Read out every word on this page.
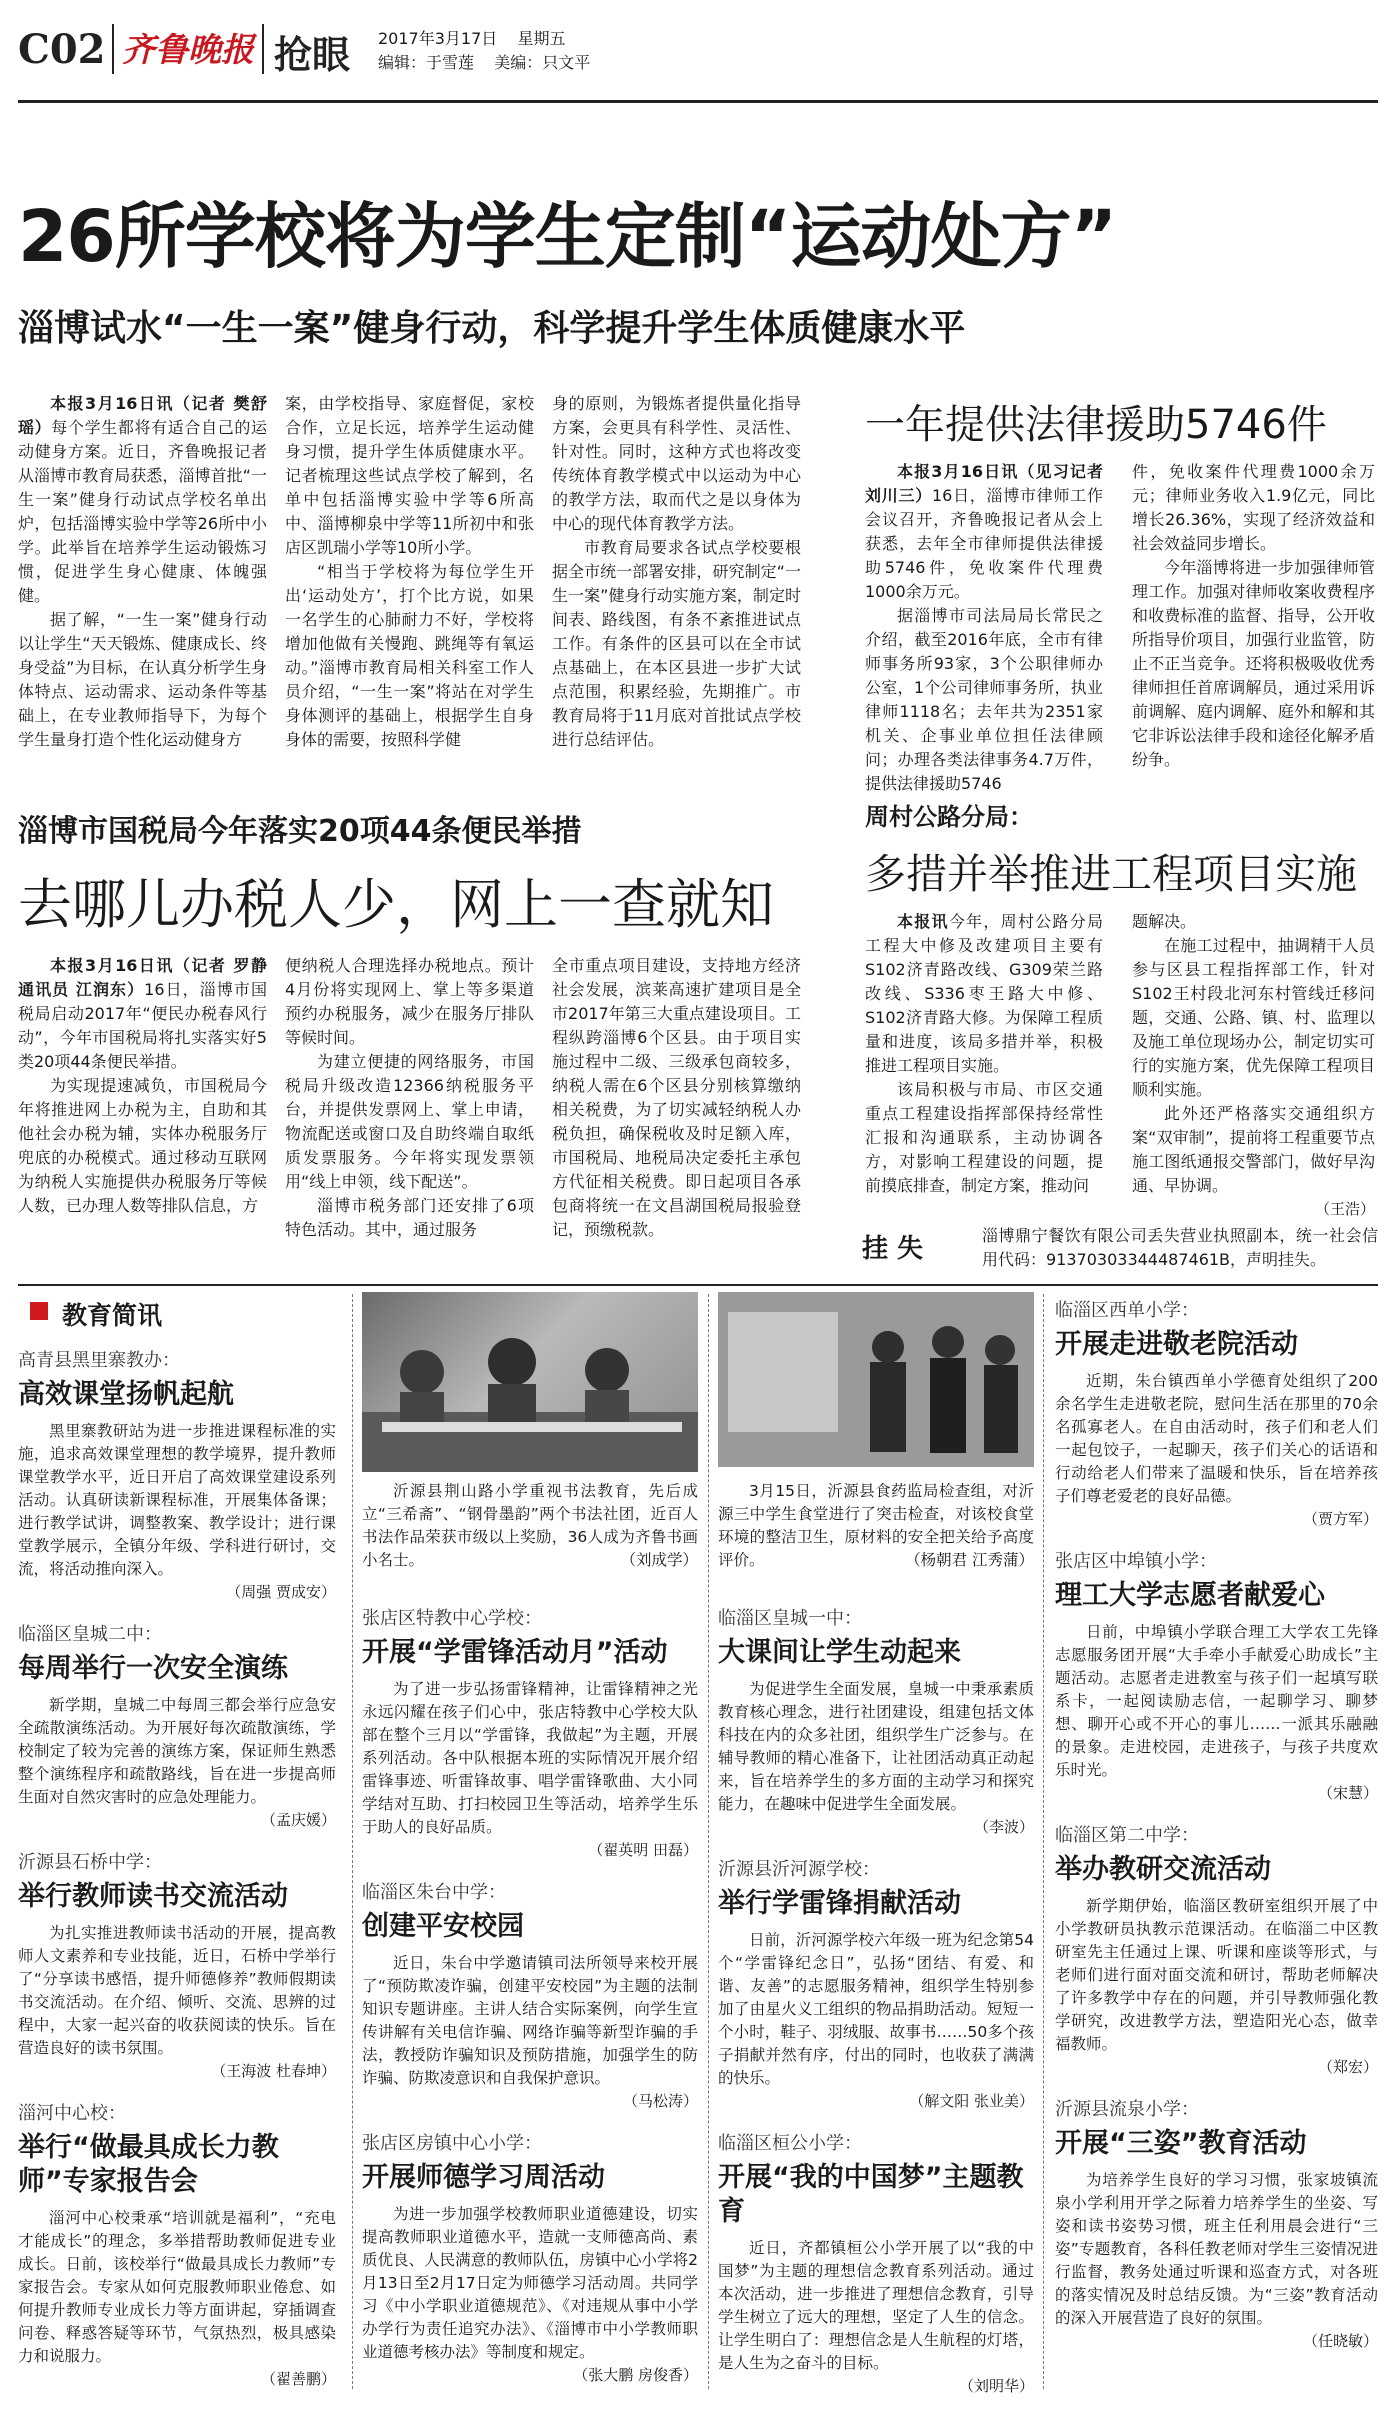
C02 齐鲁晚报 抢眼 2017年3月17日 星期五
编辑：于雪莲 美编：只文平
26所学校将为学生定制“运动处方”
淄博试水“一生一案”健身行动，科学提升学生体质健康水平

本报3月16日讯（记者 樊舒瑶）每个学生都将有适合自己的运动健身方案。近日，齐鲁晚报记者从淄博市教育局获悉，淄博首批“一生一案”健身行动试点学校名单出炉，包括淄博实验中学等26所中小学。此举旨在培养学生运动锻炼习惯，促进学生身心健康、体魄强健。

据了解，“一生一案”健身行动以让学生“天天锻炼、健康成长、终身受益”为目标，在认真分析学生身体特点、运动需求、运动条件等基础上，在专业教师指导下，为每个学生量身打造个性化运动健身方

案，由学校指导、家庭督促，家校合作，立足长远，培养学生运动健身习惯，提升学生体质健康水平。记者梳理这些试点学校了解到，名单中包括淄博实验中学等6所高中、淄博柳泉中学等11所初中和张店区凯瑞小学等10所小学。

“相当于学校将为每位学生开出‘运动处方’，打个比方说，如果一名学生的心肺耐力不好，学校将增加他做有关慢跑、跳绳等有氧运动。”淄博市教育局相关科室工作人员介绍，“一生一案”将站在对学生身体测评的基础上，根据学生自身身体的需要，按照科学健

身的原则，为锻炼者提供量化指导方案，会更具有科学性、灵活性、针对性。同时，这种方式也将改变传统体育教学模式中以运动为中心的教学方法，取而代之是以身体为中心的现代体育教学方法。

市教育局要求各试点学校要根据全市统一部署安排，研究制定“一生一案”健身行动实施方案，制定时间表、路线图，有条不紊推进试点工作。有条件的区县可以在全市试点基础上，在本区县进一步扩大试点范围，积累经验，先期推广。市教育局将于11月底对首批试点学校进行总结评估。

一年提供法律援助5746件

本报3月16日讯（见习记者 刘川三）16日，淄博市律师工作会议召开，齐鲁晚报记者从会上获悉，去年全市律师提供法律援助5746件，免收案件代理费1000余万元。

据淄博市司法局局长常民之介绍，截至2016年底，全市有律师事务所93家，3个公职律师办公室，1个公司律师事务所，执业律师1118名；去年共为2351家机关、企事业单位担任法律顾问；办理各类法律事务4.7万件，提供法律援助5746

件，免收案件代理费1000余万元；律师业务收入1.9亿元，同比增长26.36%，实现了经济效益和社会效益同步增长。

今年淄博将进一步加强律师管理工作。加强对律师收案收费程序和收费标准的监督、指导，公开收所指导价项目，加强行业监管，防止不正当竞争。还将积极吸收优秀律师担任首席调解员，通过采用诉前调解、庭内调解、庭外和解和其它非诉讼法律手段和途径化解矛盾纷争。

淄博市国税局今年落实20项44条便民举措
去哪儿办税人少，网上一查就知

本报3月16日讯（记者 罗静 通讯员 江润东）16日，淄博市国税局启动2017年“便民办税春风行动”，今年市国税局将扎实落实好5类20项44条便民举措。

为实现提速减负，市国税局今年将推进网上办税为主，自助和其他社会办税为辅，实体办税服务厅兜底的办税模式。通过移动互联网为纳税人实施提供办税服务厅等候人数，已办理人数等排队信息，方

便纳税人合理选择办税地点。预计4月份将实现网上、掌上等多渠道预约办税服务，减少在服务厅排队等候时间。

为建立便捷的网络服务，市国税局升级改造12366纳税服务平台，并提供发票网上、掌上申请，物流配送或窗口及自助终端自取纸质发票服务。今年将实现发票领用“线上申领，线下配送”。

淄博市税务部门还安排了6项特色活动。其中，通过服务

全市重点项目建设，支持地方经济社会发展，滨莱高速扩建项目是全市2017年第三大重点建设项目。工程纵跨淄博6个区县。由于项目实施过程中二级、三级承包商较多，纳税人需在6个区县分别核算缴纳相关税费，为了切实减轻纳税人办税负担，确保税收及时足额入库，市国税局、地税局决定委托主承包方代征相关税费。即日起项目各承包商将统一在文昌湖国税局报验登记，预缴税款。

周村公路分局：
多措并举推进工程项目实施

本报讯今年，周村公路分局工程大中修及改建项目主要有S102济青路改线、G309荣兰路改线、S336枣王路大中修、S102济青路大修。为保障工程质量和进度，该局多措并举，积极推进工程项目实施。

该局积极与市局、市区交通重点工程建设指挥部保持经常性汇报和沟通联系，主动协调各方，对影响工程建设的问题，提前摸底排查，制定方案，推动问

题解决。

在施工过程中，抽调精干人员参与区县工程指挥部工作，针对S102王村段北河东村管线迁移问题，交通、公路、镇、村、监理以及施工单位现场办公，制定切实可行的实施方案，优先保障工程项目顺利实施。

此外还严格落实交通组织方案“双审制”，提前将工程重要节点施工图纸通报交警部门，做好早沟通、早协调。

（王浩）
挂 失	淄博鼎宁餐饮有限公司丢失营业执照副本，统一社会信用代码：91370303344487461B，声明挂失。
教育简讯

高青县黑里寨教办：

高效课堂扬帆起航

黑里寨教研站为进一步推进课程标准的实施，追求高效课堂理想的教学境界，提升教师课堂教学水平，近日开启了高效课堂建设系列活动。认真研读新课程标准，开展集体备课；进行教学试讲，调整教案、教学设计；进行课堂教学展示，全镇分年级、学科进行研讨，交流，将活动推向深入。

（周强 贾成安）

临淄区皇城二中：

每周举行一次安全演练

新学期，皇城二中每周三都会举行应急安全疏散演练活动。为开展好每次疏散演练，学校制定了较为完善的演练方案，保证师生熟悉整个演练程序和疏散路线，旨在进一步提高师生面对自然灾害时的应急处理能力。

（孟庆媛）

沂源县石桥中学：

举行教师读书交流活动

为扎实推进教师读书活动的开展，提高教师人文素养和专业技能，近日，石桥中学举行了“分享读书感悟，提升师德修养”教师假期读书交流活动。在介绍、倾听、交流、思辨的过程中，大家一起兴奋的收获阅读的快乐。旨在营造良好的读书氛围。

（王海波 杜春坤）

淄河中心校：

举行“做最具成长力教师”专家报告会

淄河中心校秉承“培训就是福利”，“充电才能成长”的理念，多举措帮助教师促进专业成长。日前，该校举行“做最具成长力教师”专家报告会。专家从如何克服教师职业倦怠、如何提升教师专业成长力等方面讲起，穿插调查问卷、释惑答疑等环节，气氛热烈，极具感染力和说服力。

（翟善鹏）
沂源县荆山路小学重视书法教育，先后成立“三希斋”、“钢骨墨韵”两个书法社团，近百人书法作品荣获市级以上奖励，36人成为齐鲁书画小名士。	（刘成学）
3月15日，沂源县食药监局检查组，对沂源三中学生食堂进行了突击检查，对该校食堂环境的整洁卫生，原材料的安全把关给予高度评价。	（杨朝君 江秀蒲）

张店区特教中心学校：

开展“学雷锋活动月”活动

为了进一步弘扬雷锋精神，让雷锋精神之光永远闪耀在孩子们心中，张店特教中心学校大队部在整个三月以“学雷锋，我做起”为主题，开展系列活动。各中队根据本班的实际情况开展介绍雷锋事迹、听雷锋故事、唱学雷锋歌曲、大小同学结对互助、打扫校园卫生等活动，培养学生乐于助人的良好品质。

（翟英明 田磊）

临淄区朱台中学：

创建平安校园

近日，朱台中学邀请镇司法所领导来校开展了“预防欺凌诈骗，创建平安校园”为主题的法制知识专题讲座。主讲人结合实际案例，向学生宣传讲解有关电信诈骗、网络诈骗等新型诈骗的手法，教授防诈骗知识及预防措施，加强学生的防诈骗、防欺凌意识和自我保护意识。

（马松涛）

张店区房镇中心小学：

开展师德学习周活动

为进一步加强学校教师职业道德建设，切实提高教师职业道德水平，造就一支师德高尚、素质优良、人民满意的教师队伍，房镇中心小学将2月13日至2月17日定为师德学习活动周。共同学习《中小学职业道德规范》、《对违规从事中小学办学行为责任追究办法》、《淄博市中小学教师职业道德考核办法》等制度和规定。

（张大鹏 房俊香）

临淄区皇城一中：

大课间让学生动起来

为促进学生全面发展，皇城一中秉承素质教育核心理念，进行社团建设，组建包括文体科技在内的众多社团，组织学生广泛参与。在辅导教师的精心准备下，让社团活动真正动起来，旨在培养学生的多方面的主动学习和探究能力，在趣味中促进学生全面发展。

（李波）

沂源县沂河源学校：

举行学雷锋捐献活动

日前，沂河源学校六年级一班为纪念第54个“学雷锋纪念日”，弘扬“团结、有爱、和谐、友善”的志愿服务精神，组织学生特别参加了由星火义工组织的物品捐助活动。短短一个小时，鞋子、羽绒服、故事书……50多个孩子捐献并然有序，付出的同时，也收获了满满的快乐。

（解文阳 张业美）

临淄区桓公小学：

开展“我的中国梦”主题教育

近日，齐都镇桓公小学开展了以“我的中国梦”为主题的理想信念教育系列活动。通过本次活动，进一步推进了理想信念教育，引导学生树立了远大的理想，坚定了人生的信念。让学生明白了：理想信念是人生航程的灯塔，是人生为之奋斗的目标。

（刘明华）

临淄区西单小学：

开展走进敬老院活动

近期，朱台镇西单小学德育处组织了200余名学生走进敬老院，慰问生活在那里的70余名孤寡老人。在自由活动时，孩子们和老人们一起包饺子，一起聊天，孩子们关心的话语和行动给老人们带来了温暖和快乐，旨在培养孩子们尊老爱老的良好品德。

（贾方军）

张店区中埠镇小学：

理工大学志愿者献爱心

日前，中埠镇小学联合理工大学农工先锋志愿服务团开展“大手牵小手献爱心助成长”主题活动。志愿者走进教室与孩子们一起填写联系卡，一起阅读励志信，一起聊学习、聊梦想、聊开心或不开心的事儿……一派其乐融融的景象。走进校园，走进孩子，与孩子共度欢乐时光。

（宋慧）

临淄区第二中学：

举办教研交流活动

新学期伊始，临淄区教研室组织开展了中小学教研员执教示范课活动。在临淄二中区教研室先主任通过上课、听课和座谈等形式，与老师们进行面对面交流和研讨，帮助老师解决了许多教学中存在的问题，并引导教师强化教学研究，改进教学方法，塑造阳光心态，做幸福教师。

（郑宏）

沂源县流泉小学：

开展“三姿”教育活动

为培养学生良好的学习习惯，张家坡镇流泉小学利用开学之际着力培养学生的坐姿、写姿和读书姿势习惯，班主任利用晨会进行“三姿”专题教育，各科任教老师对学生三姿情况进行监督，教务处通过听课和巡查方式，对各班的落实情况及时总结反馈。为“三姿”教育活动的深入开展营造了良好的氛围。

（任晓敏）
